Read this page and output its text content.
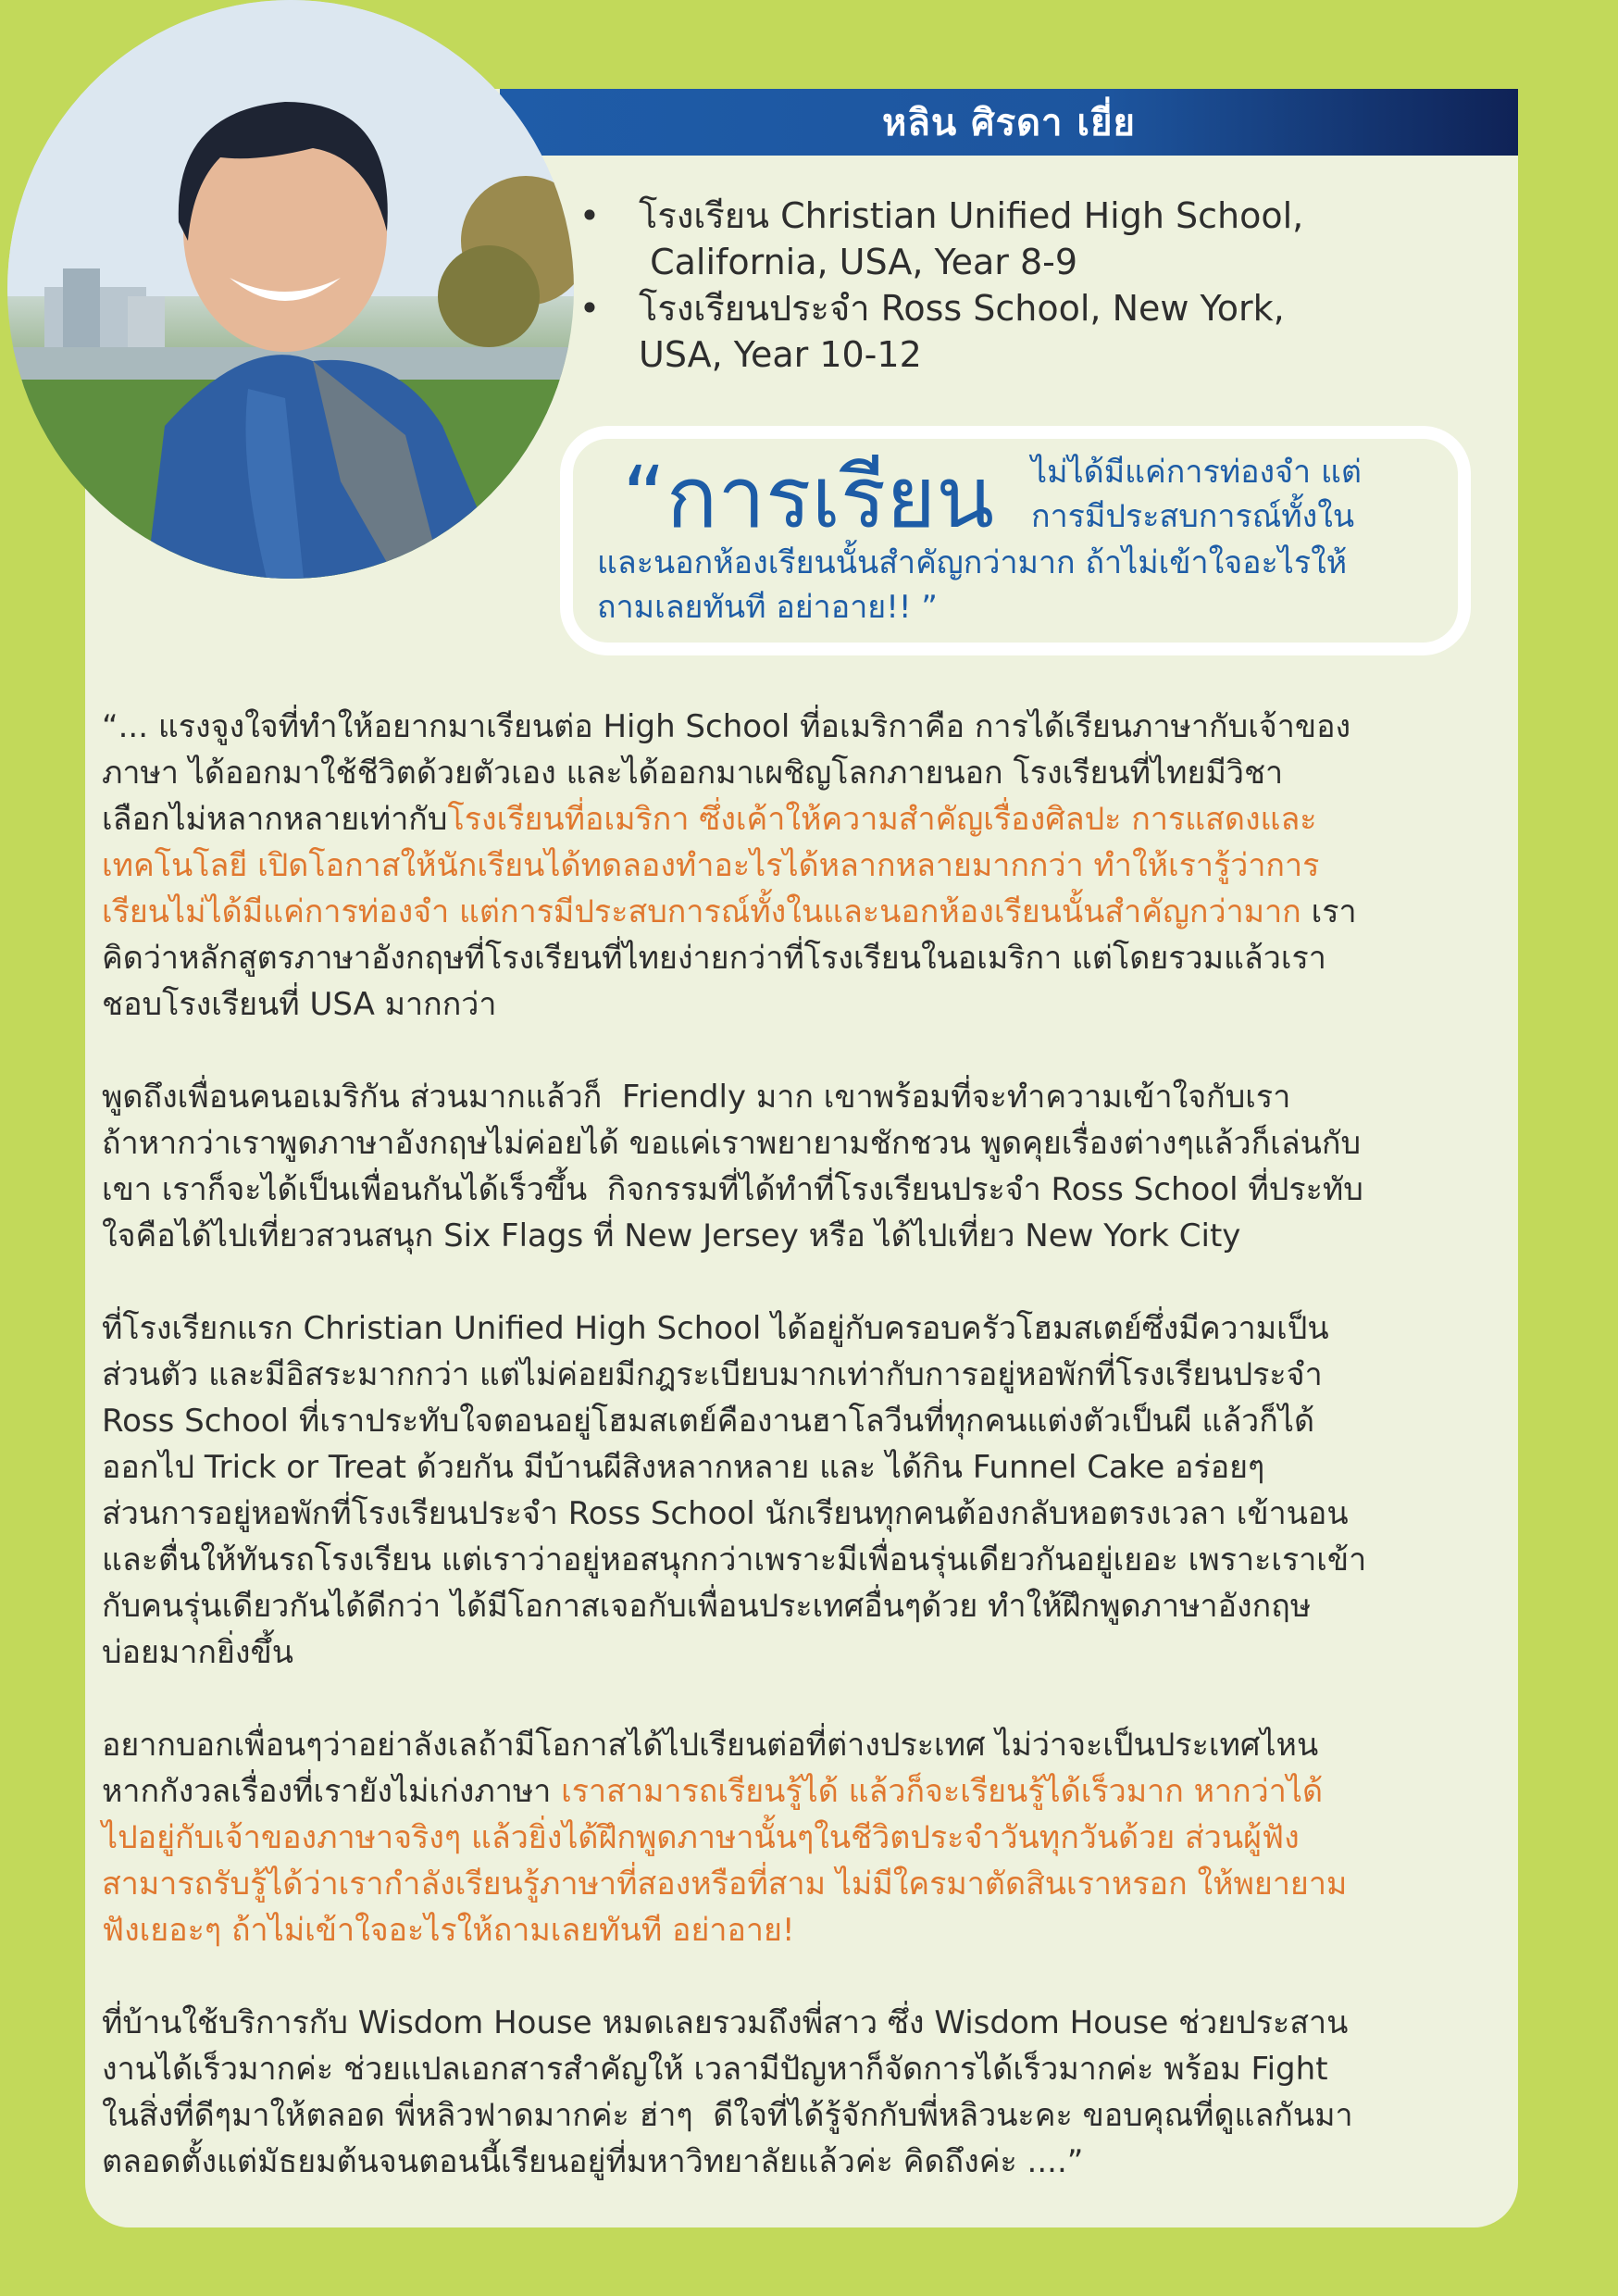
หลิน ศิรดา เยี่ย
• โรงเรียน Christian Unified High School,
California, USA, Year 8-9
• โรงเรียนประจำ Ross School, New York,
USA, Year 10-12
“การเรียน ไม่ได้มีแค่การท่องจำ แต่
การมีประสบการณ์ทั้งใน
และนอกห้องเรียนนั้นสำคัญกว่ามาก ถ้าไม่เข้าใจอะไรให้
ถามเลยทันที อย่าอาย!! ”
“... แรงจูงใจที่ทำให้อยากมาเรียนต่อ High School ที่อเมริกาคือ การได้เรียนภาษากับเจ้าของ
ภาษา ได้ออกมาใช้ชีวิตด้วยตัวเอง และได้ออกมาเผชิญโลกภายนอก โรงเรียนที่ไทยมีวิชา
เลือกไม่หลากหลายเท่ากับโรงเรียนที่อเมริกา ซึ่งเค้าให้ความสำคัญเรื่องศิลปะ การแสดงและ
เทคโนโลยี เปิดโอกาสให้นักเรียนได้ทดลองทำอะไรได้หลากหลายมากกว่า ทำให้เรารู้ว่าการ
เรียนไม่ได้มีแค่การท่องจำ แต่การมีประสบการณ์ทั้งในและนอกห้องเรียนนั้นสำคัญกว่ามาก เรา
คิดว่าหลักสูตรภาษาอังกฤษที่โรงเรียนที่ไทยง่ายกว่าที่โรงเรียนในอเมริกา แต่โดยรวมแล้วเรา
ชอบโรงเรียนที่ USA มากกว่า
พูดถึงเพื่อนคนอเมริกัน ส่วนมากแล้วก็  Friendly มาก เขาพร้อมที่จะทำความเข้าใจกับเรา
ถ้าหากว่าเราพูดภาษาอังกฤษไม่ค่อยได้ ขอแค่เราพยายามชักชวน พูดคุยเรื่องต่างๆแล้วก็เล่นกับ
เขา เราก็จะได้เป็นเพื่อนกันได้เร็วขึ้น  กิจกรรมที่ได้ทำที่โรงเรียนประจำ Ross School ที่ประทับ
ใจคือได้ไปเที่ยวสวนสนุก Six Flags ที่ New Jersey หรือ ได้ไปเที่ยว New York City
ที่โรงเรียกแรก Christian Unified High School ได้อยู่กับครอบครัวโฮมสเตย์ซึ่งมีความเป็น
ส่วนตัว และมีอิสระมากกว่า แต่ไม่ค่อยมีกฎระเบียบมากเท่ากับการอยู่หอพักที่โรงเรียนประจำ
Ross School ที่เราประทับใจตอนอยู่โฮมสเตย์คืองานฮาโลวีนที่ทุกคนแต่งตัวเป็นผี แล้วก็ได้
ออกไป Trick or Treat ด้วยกัน มีบ้านผีสิงหลากหลาย และ ได้กิน Funnel Cake อร่อยๆ
ส่วนการอยู่หอพักที่โรงเรียนประจำ Ross School นักเรียนทุกคนต้องกลับหอตรงเวลา เข้านอน
และตื่นให้ทันรถโรงเรียน แต่เราว่าอยู่หอสนุกกว่าเพราะมีเพื่อนรุ่นเดียวกันอยู่เยอะ เพราะเราเข้า
กับคนรุ่นเดียวกันได้ดีกว่า ได้มีโอกาสเจอกับเพื่อนประเทศอื่นๆด้วย ทำให้ฝึกพูดภาษาอังกฤษ
บ่อยมากยิ่งขึ้น
อยากบอกเพื่อนๆว่าอย่าลังเลถ้ามีโอกาสได้ไปเรียนต่อที่ต่างประเทศ ไม่ว่าจะเป็นประเทศไหน
หากกังวลเรื่องที่เรายังไม่เก่งภาษา เราสามารถเรียนรู้ได้ แล้วก็จะเรียนรู้ได้เร็วมาก หากว่าได้
ไปอยู่กับเจ้าของภาษาจริงๆ แล้วยิ่งได้ฝึกพูดภาษานั้นๆในชีวิตประจำวันทุกวันด้วย ส่วนผู้ฟัง
สามารถรับรู้ได้ว่าเรากำลังเรียนรู้ภาษาที่สองหรือที่สาม ไม่มีใครมาตัดสินเราหรอก ให้พยายาม
ฟังเยอะๆ ถ้าไม่เข้าใจอะไรให้ถามเลยทันที อย่าอาย!
ที่บ้านใช้บริการกับ Wisdom House หมดเลยรวมถึงพี่สาว ซึ่ง Wisdom House ช่วยประสาน
งานได้เร็วมากค่ะ ช่วยแปลเอกสารสำคัญให้ เวลามีปัญหาก็จัดการได้เร็วมากค่ะ พร้อม Fight
ในสิ่งที่ดีๆมาให้ตลอด พี่หลิวฟาดมากค่ะ ฮ่าๆ  ดีใจที่ได้รู้จักกับพี่หลิวนะคะ ขอบคุณที่ดูแลกันมา
ตลอดตั้งแต่มัธยมต้นจนตอนนี้เรียนอยู่ที่มหาวิทยาลัยแล้วค่ะ คิดถึงค่ะ ....”
